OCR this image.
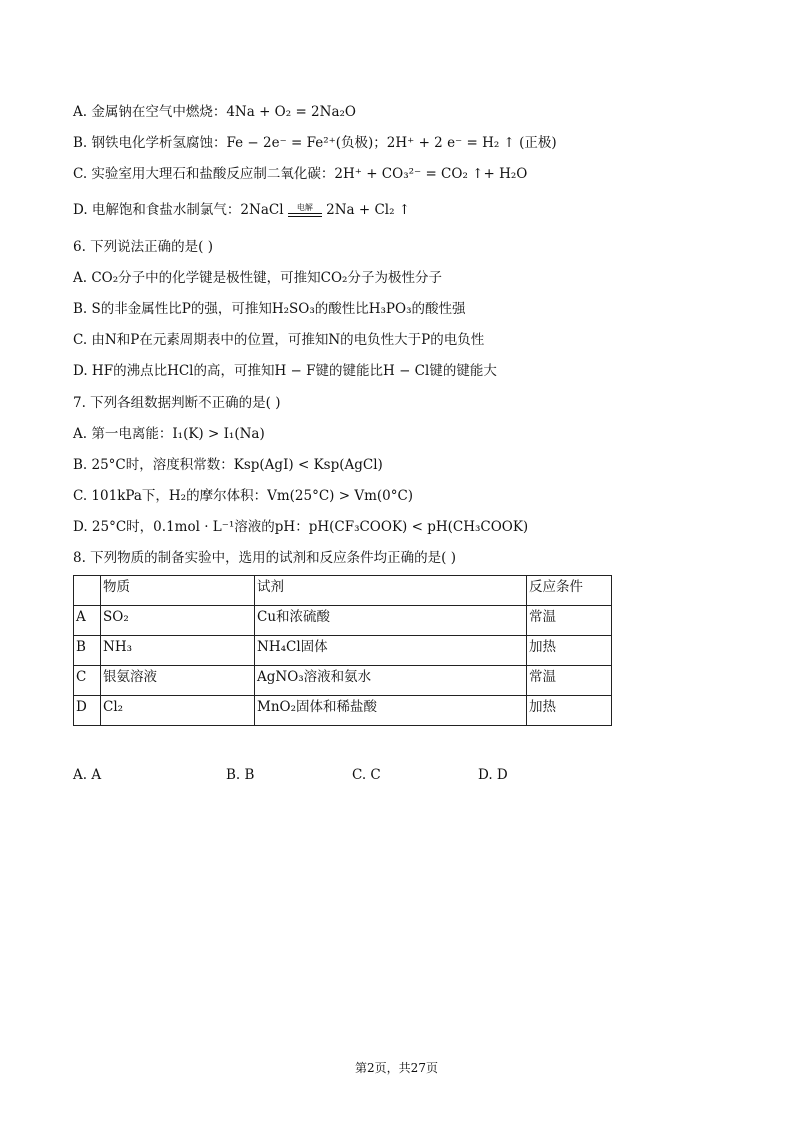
A. 金属钠在空气中燃烧：4Na + O₂ = 2Na₂O
B. 钢铁电化学析氢腐蚀：Fe − 2e⁻ = Fe²⁺(负极)；2H⁺ + 2 e⁻ = H₂ ↑ (正极)
C. 实验室用大理石和盐酸反应制二氧化碳：2H⁺ + CO₃²⁻ = CO₂ ↑+ H₂O
D. 电解饱和食盐水制氯气：2NaCl	电解 2Na + Cl₂ ↑
6. 下列说法正确的是( )
A. CO₂分子中的化学键是极性键，可推知CO₂分子为极性分子
B. S的非金属性比P的强，可推知H₂SO₃的酸性比H₃PO₃的酸性强
C. 由N和P在元素周期表中的位置，可推知N的电负性大于P的电负性
D. HF的沸点比HCl的高，可推知H − F键的键能比H − Cl键的键能大
7. 下列各组数据判断不正确的是( )
A. 第一电离能：I₁(K) > I₁(Na)
B. 25°C时，溶度积常数：Ksp(AgI) < Ksp(AgCl)
C. 101kPa下，H₂的摩尔体积：Vm(25°C) > Vm(0°C)
D. 25°C时，0.1mol · L⁻¹溶液的pH：pH(CF₃COOK) < pH(CH₃COOK)
8. 下列物质的制备实验中，选用的试剂和反应条件均正确的是( )
	物质	试剂	反应条件
A	SO₂	Cu和浓硫酸	常温
B	NH₃	NH₄Cl固体	加热
C	银氨溶液	AgNO₃溶液和氨水	常温
D	Cl₂	MnO₂固体和稀盐酸	加热
A. A	B. B	C. C	D. D
第2页，共27页
